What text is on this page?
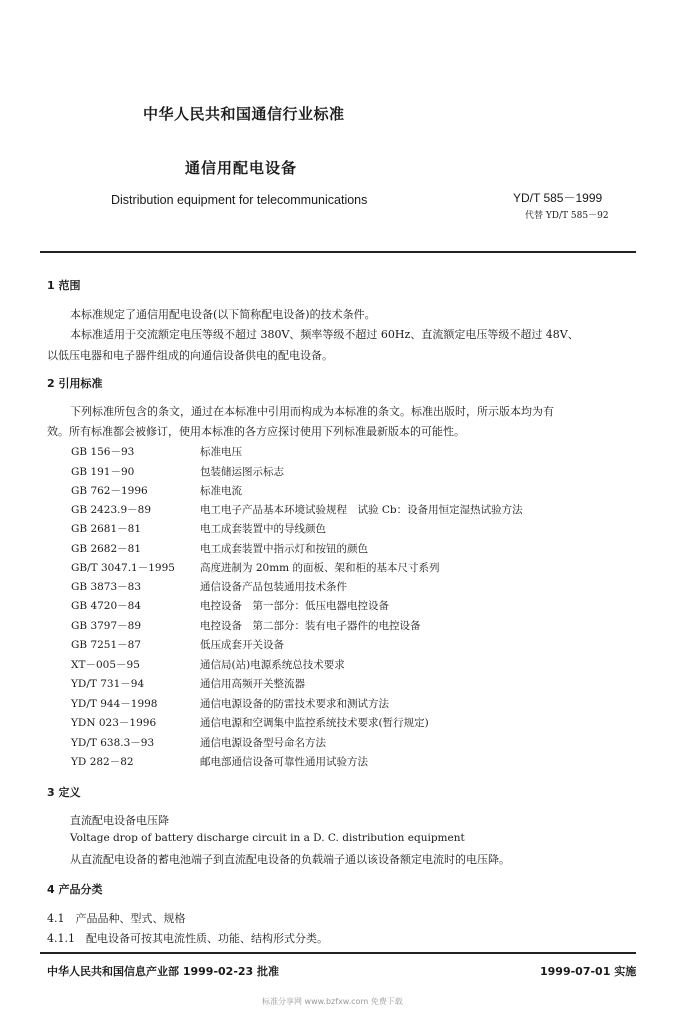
中华人民共和国通信行业标准
通信用配电设备
Distribution equipment for telecommunications	YD/T 585－1999
代替 YD/T 585－92
1 范围
本标准规定了通信用配电设备(以下简称配电设备)的技术条件。
本标准适用于交流额定电压等级不超过 380V、频率等级不超过 60Hz、直流额定电压等级不超过 48V、
以低压电器和电子器件组成的向通信设备供电的配电设备。
2 引用标准
下列标准所包含的条文，通过在本标准中引用而构成为本标准的条文。标准出版时，所示版本均为有
效。所有标准都会被修订，使用本标准的各方应探讨使用下列标准最新版本的可能性。
GB 156－93	标准电压
GB 191－90	包装储运图示标志
GB 762－1996	标准电流
GB 2423.9－89	电工电子产品基本环境试验规程　试验 Cb：设备用恒定湿热试验方法
GB 2681－81	电工成套装置中的导线颜色
GB 2682－81	电工成套装置中指示灯和按钮的颜色
GB/T 3047.1－1995 高度进制为 20mm 的面板、架和柜的基本尺寸系列
GB 3873－83	通信设备产品包装通用技术条件
GB 4720－84	电控设备　第一部分：低压电器电控设备
GB 3797－89	电控设备　第二部分：装有电子器件的电控设备
GB 7251－87	低压成套开关设备
XT－005－95	通信局(站)电源系统总技术要求
YD/T 731－94	通信用高频开关整流器
YD/T 944－1998	通信电源设备的防雷技术要求和测试方法
YDN 023－1996	通信电源和空调集中监控系统技术要求(暂行规定)
YD/T 638.3－93	通信电源设备型号命名方法
YD 282－82	邮电部通信设备可靠性通用试验方法
3 定义
直流配电设备电压降
Voltage drop of battery discharge circuit in a D. C. distribution equipment
从直流配电设备的蓄电池端子到直流配电设备的负载端子通以该设备额定电流时的电压降。
4 产品分类
4.1　产品品种、型式、规格
4.1.1　配电设备可按其电流性质、功能、结构形式分类。
中华人民共和国信息产业部 1999-02-23 批准	1999-07-01 实施
标准分享网 www.bzfxw.com 免费下载
